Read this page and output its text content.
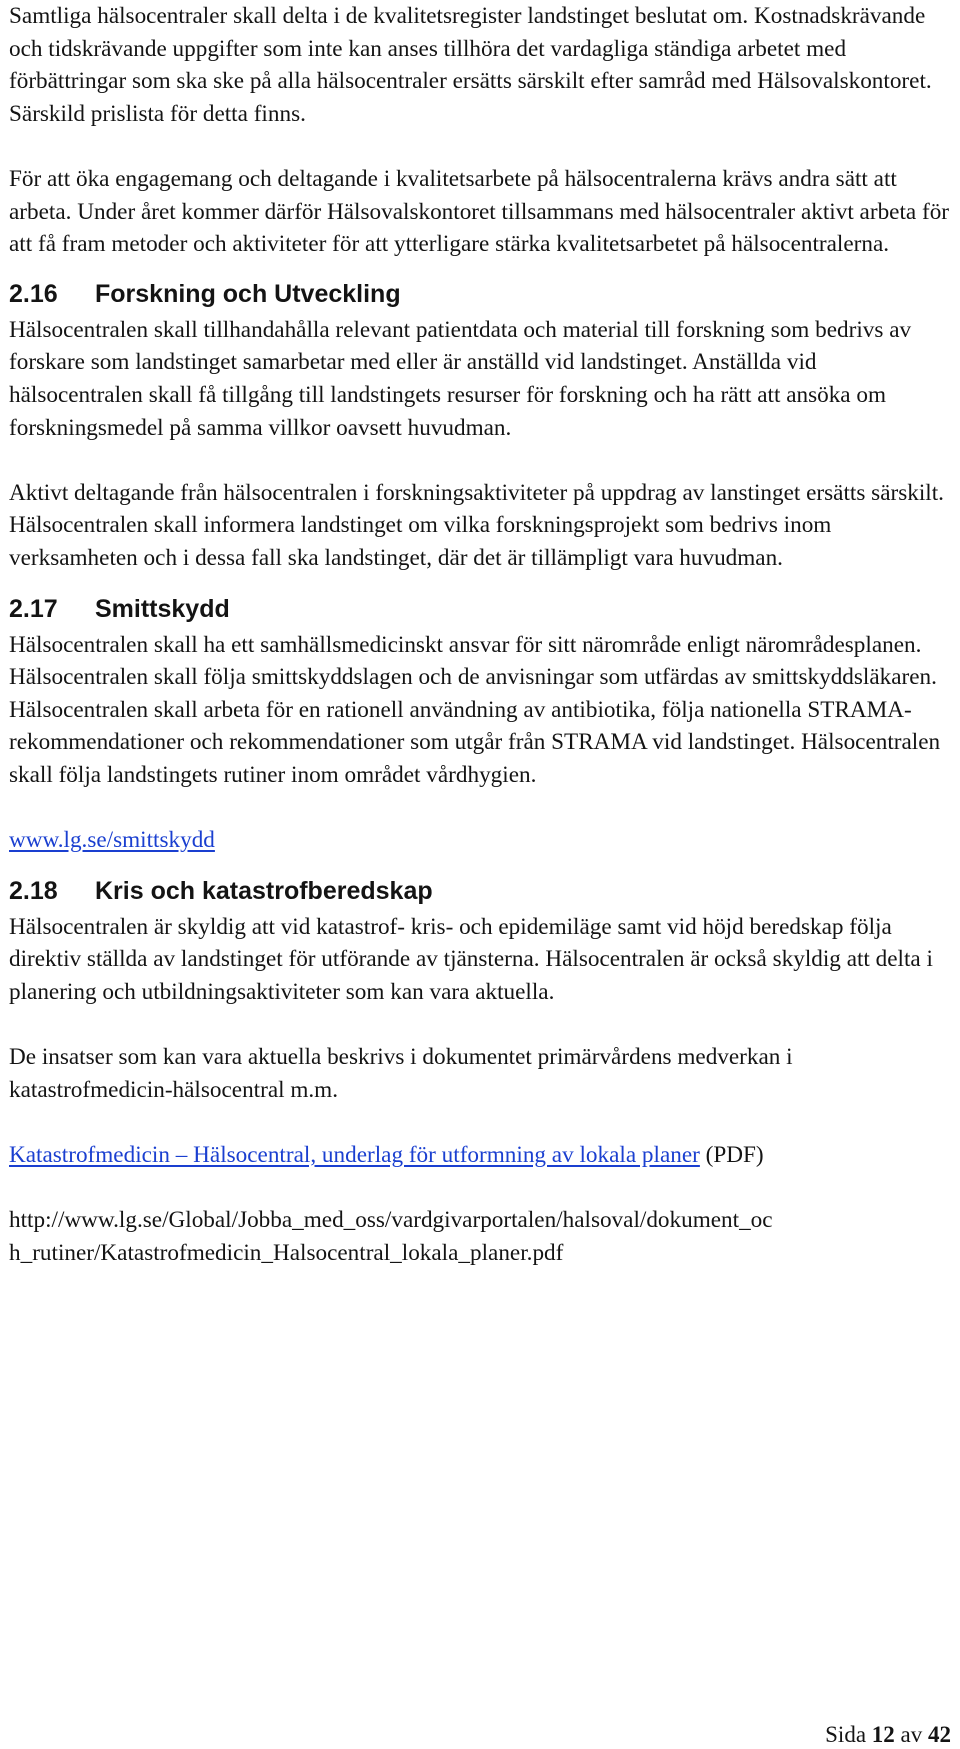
Samtliga hälsocentraler skall delta i de kvalitetsregister landstinget beslutat om. Kostnadskrävande och tidskrävande uppgifter som inte kan anses tillhöra det vardagliga ständiga arbetet med förbättringar som ska ske på alla hälsocentraler ersätts särskilt efter samråd med Hälsovalskontoret. Särskild prislista för detta finns.

För att öka engagemang och deltagande i kvalitetsarbete på hälsocentralerna krävs andra sätt att arbeta. Under året kommer därför Hälsovalskontoret tillsammans med hälsocentraler aktivt arbeta för att få fram metoder och aktiviteter för att ytterligare stärka kvalitetsarbetet på hälsocentralerna.

2.16 Forskning och Utveckling

Hälsocentralen skall tillhandahålla relevant patientdata och material till forskning som bedrivs av forskare som landstinget samarbetar med eller är anställd vid landstinget. Anställda vid hälsocentralen skall få tillgång till landstingets resurser för forskning och ha rätt att ansöka om forskningsmedel på samma villkor oavsett huvudman.

Aktivt deltagande från hälsocentralen i forskningsaktiviteter på uppdrag av lanstinget ersätts särskilt. Hälsocentralen skall informera landstinget om vilka forskningsprojekt som bedrivs inom verksamheten och i dessa fall ska landstinget, där det är tillämpligt vara huvudman.

2.17 Smittskydd

Hälsocentralen skall ha ett samhällsmedicinskt ansvar för sitt närområde enligt närområdesplanen. Hälsocentralen skall följa smittskyddslagen och de anvisningar som utfärdas av smittskyddsläkaren. Hälsocentralen skall arbeta för en rationell användning av antibiotika, följa nationella STRAMA-rekommendationer och rekommendationer som utgår från STRAMA vid landstinget. Hälsocentralen skall följa landstingets rutiner inom området vårdhygien.

www.lg.se/smittskydd

2.18 Kris och katastrofberedskap

Hälsocentralen är skyldig att vid katastrof- kris- och epidemiläge samt vid höjd beredskap följa direktiv ställda av landstinget för utförande av tjänsterna. Hälsocentralen är också skyldig att delta i planering och utbildningsaktiviteter som kan vara aktuella.

De insatser som kan vara aktuella beskrivs i dokumentet primärvårdens medverkan i katastrofmedicin-hälsocentral m.m.

Katastrofmedicin – Hälsocentral, underlag för utformning av lokala planer (PDF)

http://www.lg.se/Global/Jobba_med_oss/vardgivarportalen/halsoval/dokument_oc
h_rutiner/Katastrofmedicin_Halsocentral_lokala_planer.pdf

Sida 12 av 42
